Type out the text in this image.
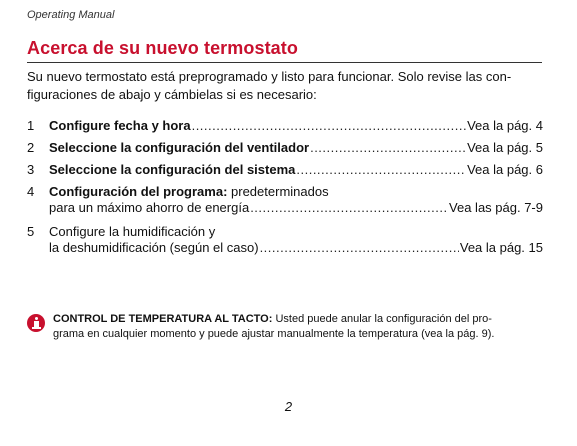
Operating Manual
Acerca de su nuevo termostato

Su nuevo termostato está preprogramado y listo para funcionar. Solo revise las con-
figuraciones de abajo y cámbielas si es necesario:

1	Configure fecha y hora .....	Vea la pág. 4
2	Seleccione la configuración del ventilador .....	Vea la pág. 5
3	Seleccione la configuración del sistema .....	Vea la pág. 6
4	Configuración del programa: predeterminados
para un máximo ahorro de energía .....	Vea las pág. 7-9
5	Configure la humidificación y
la deshumidificación (según el caso) .....	Vea la pág. 15

CONTROL DE TEMPERATURA AL TACTO: Usted puede anular la configuración del pro-
grama en cualquier momento y puede ajustar manualmente la temperatura (vea la pág. 9).

2
